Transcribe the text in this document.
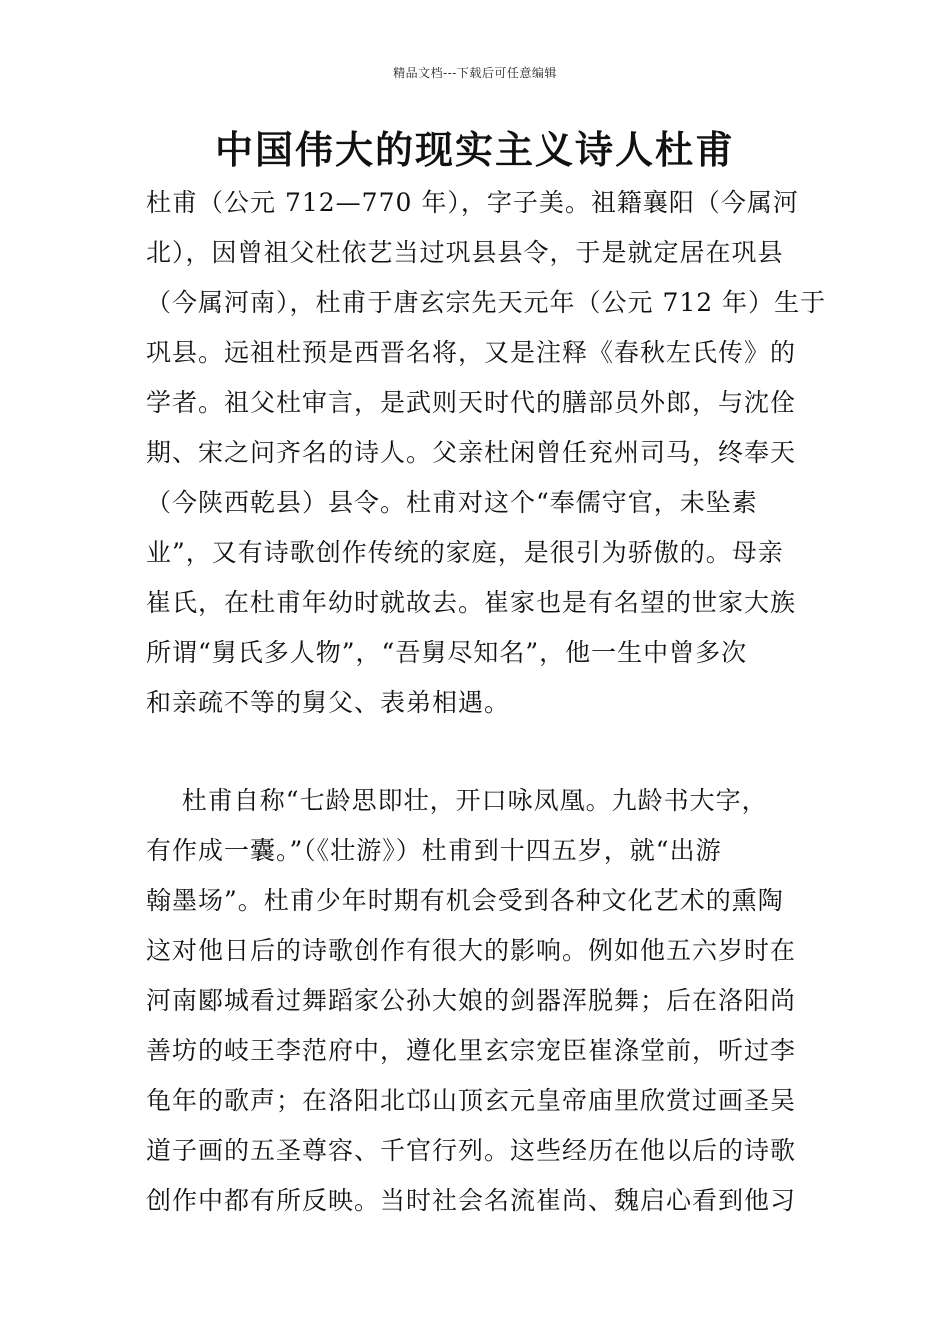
精品文档---下载后可任意编辑
中国伟大的现实主义诗人杜甫
杜甫（公元 712—770 年），字子美。祖籍襄阳（今属河
北），因曾祖父杜依艺当过巩县县令，于是就定居在巩县
（今属河南），杜甫于唐玄宗先天元年（公元 712 年）生于
巩县。远祖杜预是西晋名将，又是注释《春秋左氏传》的
学者。祖父杜审言，是武则天时代的膳部员外郎，与沈佺
期、宋之问齐名的诗人。父亲杜闲曾任兖州司马，终奉天
（今陕西乾县）县令。杜甫对这个“奉儒守官，未坠素
业”，又有诗歌创作传统的家庭，是很引为骄傲的。母亲
崔氏，在杜甫年幼时就故去。崔家也是有名望的世家大族
所谓“舅氏多人物”，“吾舅尽知名”，他一生中曾多次
和亲疏不等的舅父、表弟相遇。
杜甫自称“七龄思即壮，开口咏凤凰。九龄书大字，
有作成一囊。”（《壮游》）杜甫到十四五岁，就“出游
翰墨场”。杜甫少年时期有机会受到各种文化艺术的熏陶
这对他日后的诗歌创作有很大的影响。例如他五六岁时在
河南郾城看过舞蹈家公孙大娘的剑器浑脱舞；后在洛阳尚
善坊的岐王李范府中，遵化里玄宗宠臣崔涤堂前，听过李
龟年的歌声；在洛阳北邙山顶玄元皇帝庙里欣赏过画圣吴
道子画的五圣尊容、千官行列。这些经历在他以后的诗歌
创作中都有所反映。当时社会名流崔尚、魏启心看到他习
